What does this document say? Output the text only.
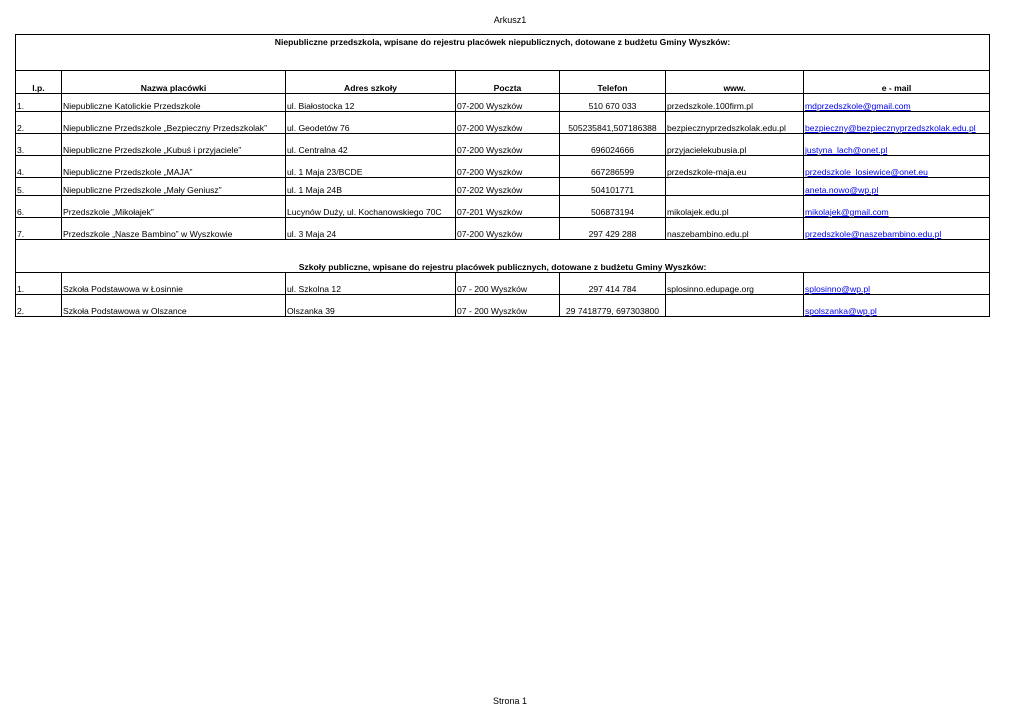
Arkusz1
Niepubliczne przedszkola, wpisane do rejestru placówek niepublicznych, dotowane z budżetu Gminy Wyszków:						
l.p.	Nazwa placówki	Adres szkoły	Poczta	Telefon	www.	e - mail
1.	Niepubliczne Katolickie Przedszkole	ul. Białostocka 12	07-200 Wyszków	510 670 033	przedszkole.100firm.pl	mdprzedszkole@gmail.com
2.	Niepubliczne Przedszkole „Bezpieczny Przedszkolak”	ul. Geodetów 76	07-200 Wyszków	505235841,507186388	bezpiecznyprzedszkolak.edu.pl	bezpieczny@bezpiecznyprzedszkolak.edu.pl
3.	Niepubliczne Przedszkole „Kubuś i przyjaciele”	ul. Centralna 42	07-200 Wyszków	696024666	przyjacielekubusia.pl	justyna_lach@onet.pl
4.	Niepubliczne Przedszkole „MAJA”	ul. 1 Maja 23/BCDE	07-200 Wyszków	667286599	przedszkole-maja.eu	przedszkole_losiewice@onet.eu
5.	Niepubliczne Przedszkole „Mały Geniusz”	ul. 1 Maja 24B	07-202 Wyszków	504101771		aneta.nowo@wp.pl
6.	Przedszkole „Mikołajek”	Lucynów Duży, ul. Kochanowskiego 70C	07-201 Wyszków	506873194	mikolajek.edu.pl	mikolajek@gmail.com
7.	Przedszkole „Nasze Bambino” w Wyszkowie	ul. 3 Maja 24	07-200 Wyszków	297 429 288	naszebambino.edu.pl	przedszkole@naszebambino.edu.pl
Szkoły publiczne, wpisane do rejestru placówek publicznych, dotowane z budżetu Gminy Wyszków:						
1.	Szkoła Podstawowa w Łosinnie	ul. Szkolna 12	07 - 200 Wyszków	297 414 784	splosinno.edupage.org	splosinno@wp.pl
2.	Szkoła Podstawowa w Olszance	Olszanka 39	07 - 200 Wyszków	29 7418779, 697303800		spolszanka@wp.pl
Strona 1
